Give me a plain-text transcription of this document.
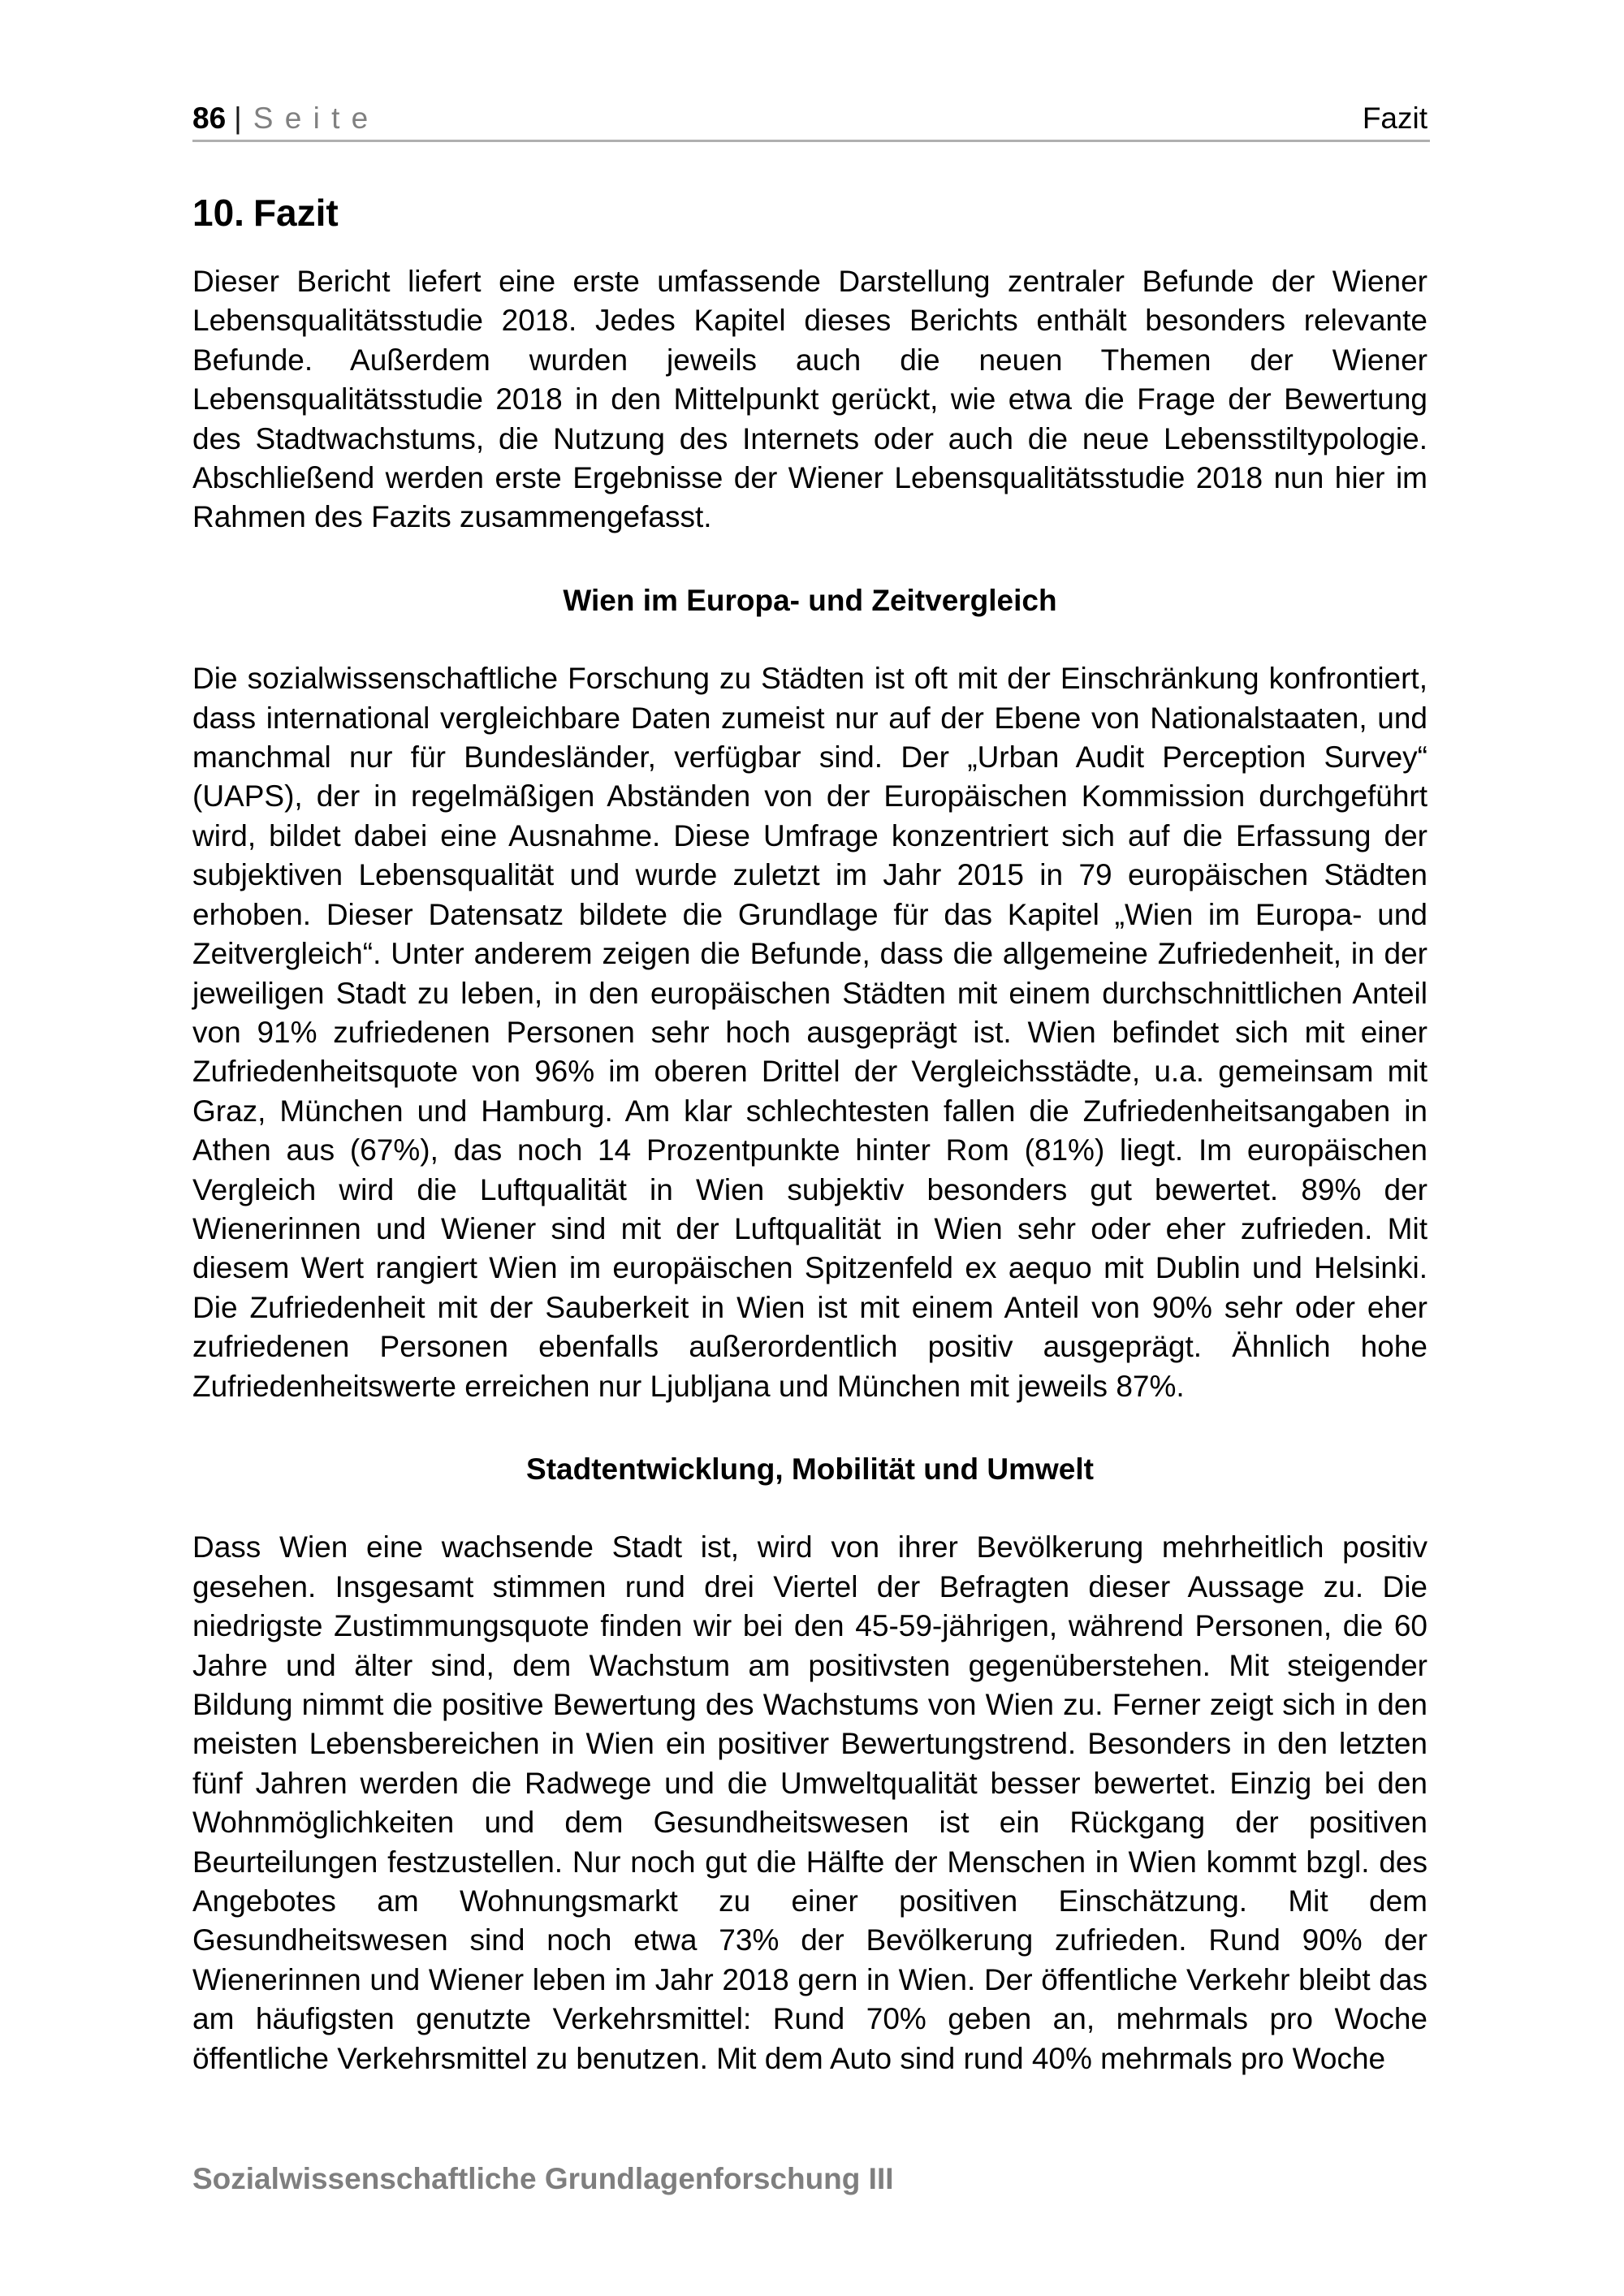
86 | S e i t e	Fazit
10. Fazit

Dieser Bericht liefert eine erste umfassende Darstellung zentraler Befunde der Wiener Lebensqualitätsstudie 2018. Jedes Kapitel dieses Berichts enthält besonders relevante Befunde. Außerdem wurden jeweils auch die neuen Themen der Wiener Lebensqualitätsstudie 2018 in den Mittelpunkt gerückt, wie etwa die Frage der Bewertung des Stadtwachstums, die Nutzung des Internets oder auch die neue Lebensstiltypologie. Abschließend werden erste Ergebnisse der Wiener Lebensqualitätsstudie 2018 nun hier im Rahmen des Fazits zusammengefasst.

Wien im Europa- und Zeitvergleich

Die sozialwissenschaftliche Forschung zu Städten ist oft mit der Einschränkung konfrontiert, dass international vergleichbare Daten zumeist nur auf der Ebene von Nationalstaaten, und manchmal nur für Bundesländer, verfügbar sind. Der „Urban Audit Perception Survey“ (UAPS), der in regelmäßigen Abständen von der Europäischen Kommission durchgeführt wird, bildet dabei eine Ausnahme. Diese Umfrage konzentriert sich auf die Erfassung der subjektiven Lebensqualität und wurde zuletzt im Jahr 2015 in 79 europäischen Städten erhoben. Dieser Datensatz bildete die Grundlage für das Kapitel „Wien im Europa- und Zeitvergleich“. Unter anderem zeigen die Befunde, dass die allgemeine Zufriedenheit, in der jeweiligen Stadt zu leben, in den europäischen Städten mit einem durchschnittlichen Anteil von 91% zufriedenen Personen sehr hoch ausgeprägt ist. Wien befindet sich mit einer Zufriedenheitsquote von 96% im oberen Drittel der Vergleichsstädte, u.a. gemeinsam mit Graz, München und Hamburg. Am klar schlechtesten fallen die Zufriedenheitsangaben in Athen aus (67%), das noch 14 Prozentpunkte hinter Rom (81%) liegt. Im europäischen Vergleich wird die Luftqualität in Wien subjektiv besonders gut bewertet. 89% der Wienerinnen und Wiener sind mit der Luftqualität in Wien sehr oder eher zufrieden. Mit diesem Wert rangiert Wien im europäischen Spitzenfeld ex aequo mit Dublin und Helsinki. Die Zufriedenheit mit der Sauberkeit in Wien ist mit einem Anteil von 90% sehr oder eher zufriedenen Personen ebenfalls außerordentlich positiv ausgeprägt. Ähnlich hohe Zufriedenheitswerte erreichen nur Ljubljana und München mit jeweils 87%.

Stadtentwicklung, Mobilität und Umwelt

Dass Wien eine wachsende Stadt ist, wird von ihrer Bevölkerung mehrheitlich positiv gesehen. Insgesamt stimmen rund drei Viertel der Befragten dieser Aussage zu. Die niedrigste Zustimmungsquote finden wir bei den 45-59-jährigen, während Personen, die 60 Jahre und älter sind, dem Wachstum am positivsten gegenüberstehen. Mit steigender Bildung nimmt die positive Bewertung des Wachstums von Wien zu. Ferner zeigt sich in den meisten Lebensbereichen in Wien ein positiver Bewertungstrend. Besonders in den letzten fünf Jahren werden die Radwege und die Umweltqualität besser bewertet. Einzig bei den Wohnmöglichkeiten und dem Gesundheitswesen ist ein Rückgang der positiven Beurteilungen festzustellen. Nur noch gut die Hälfte der Menschen in Wien kommt bzgl. des Angebotes am Wohnungsmarkt zu einer positiven Einschätzung. Mit dem Gesundheitswesen sind noch etwa 73% der Bevölkerung zufrieden. Rund 90% der Wienerinnen und Wiener leben im Jahr 2018 gern in Wien. Der öffentliche Verkehr bleibt das am häufigsten genutzte Verkehrsmittel: Rund 70% geben an, mehrmals pro Woche öffentliche Verkehrsmittel zu benutzen. Mit dem Auto sind rund 40% mehrmals pro Woche

Sozialwissenschaftliche Grundlagenforschung III
